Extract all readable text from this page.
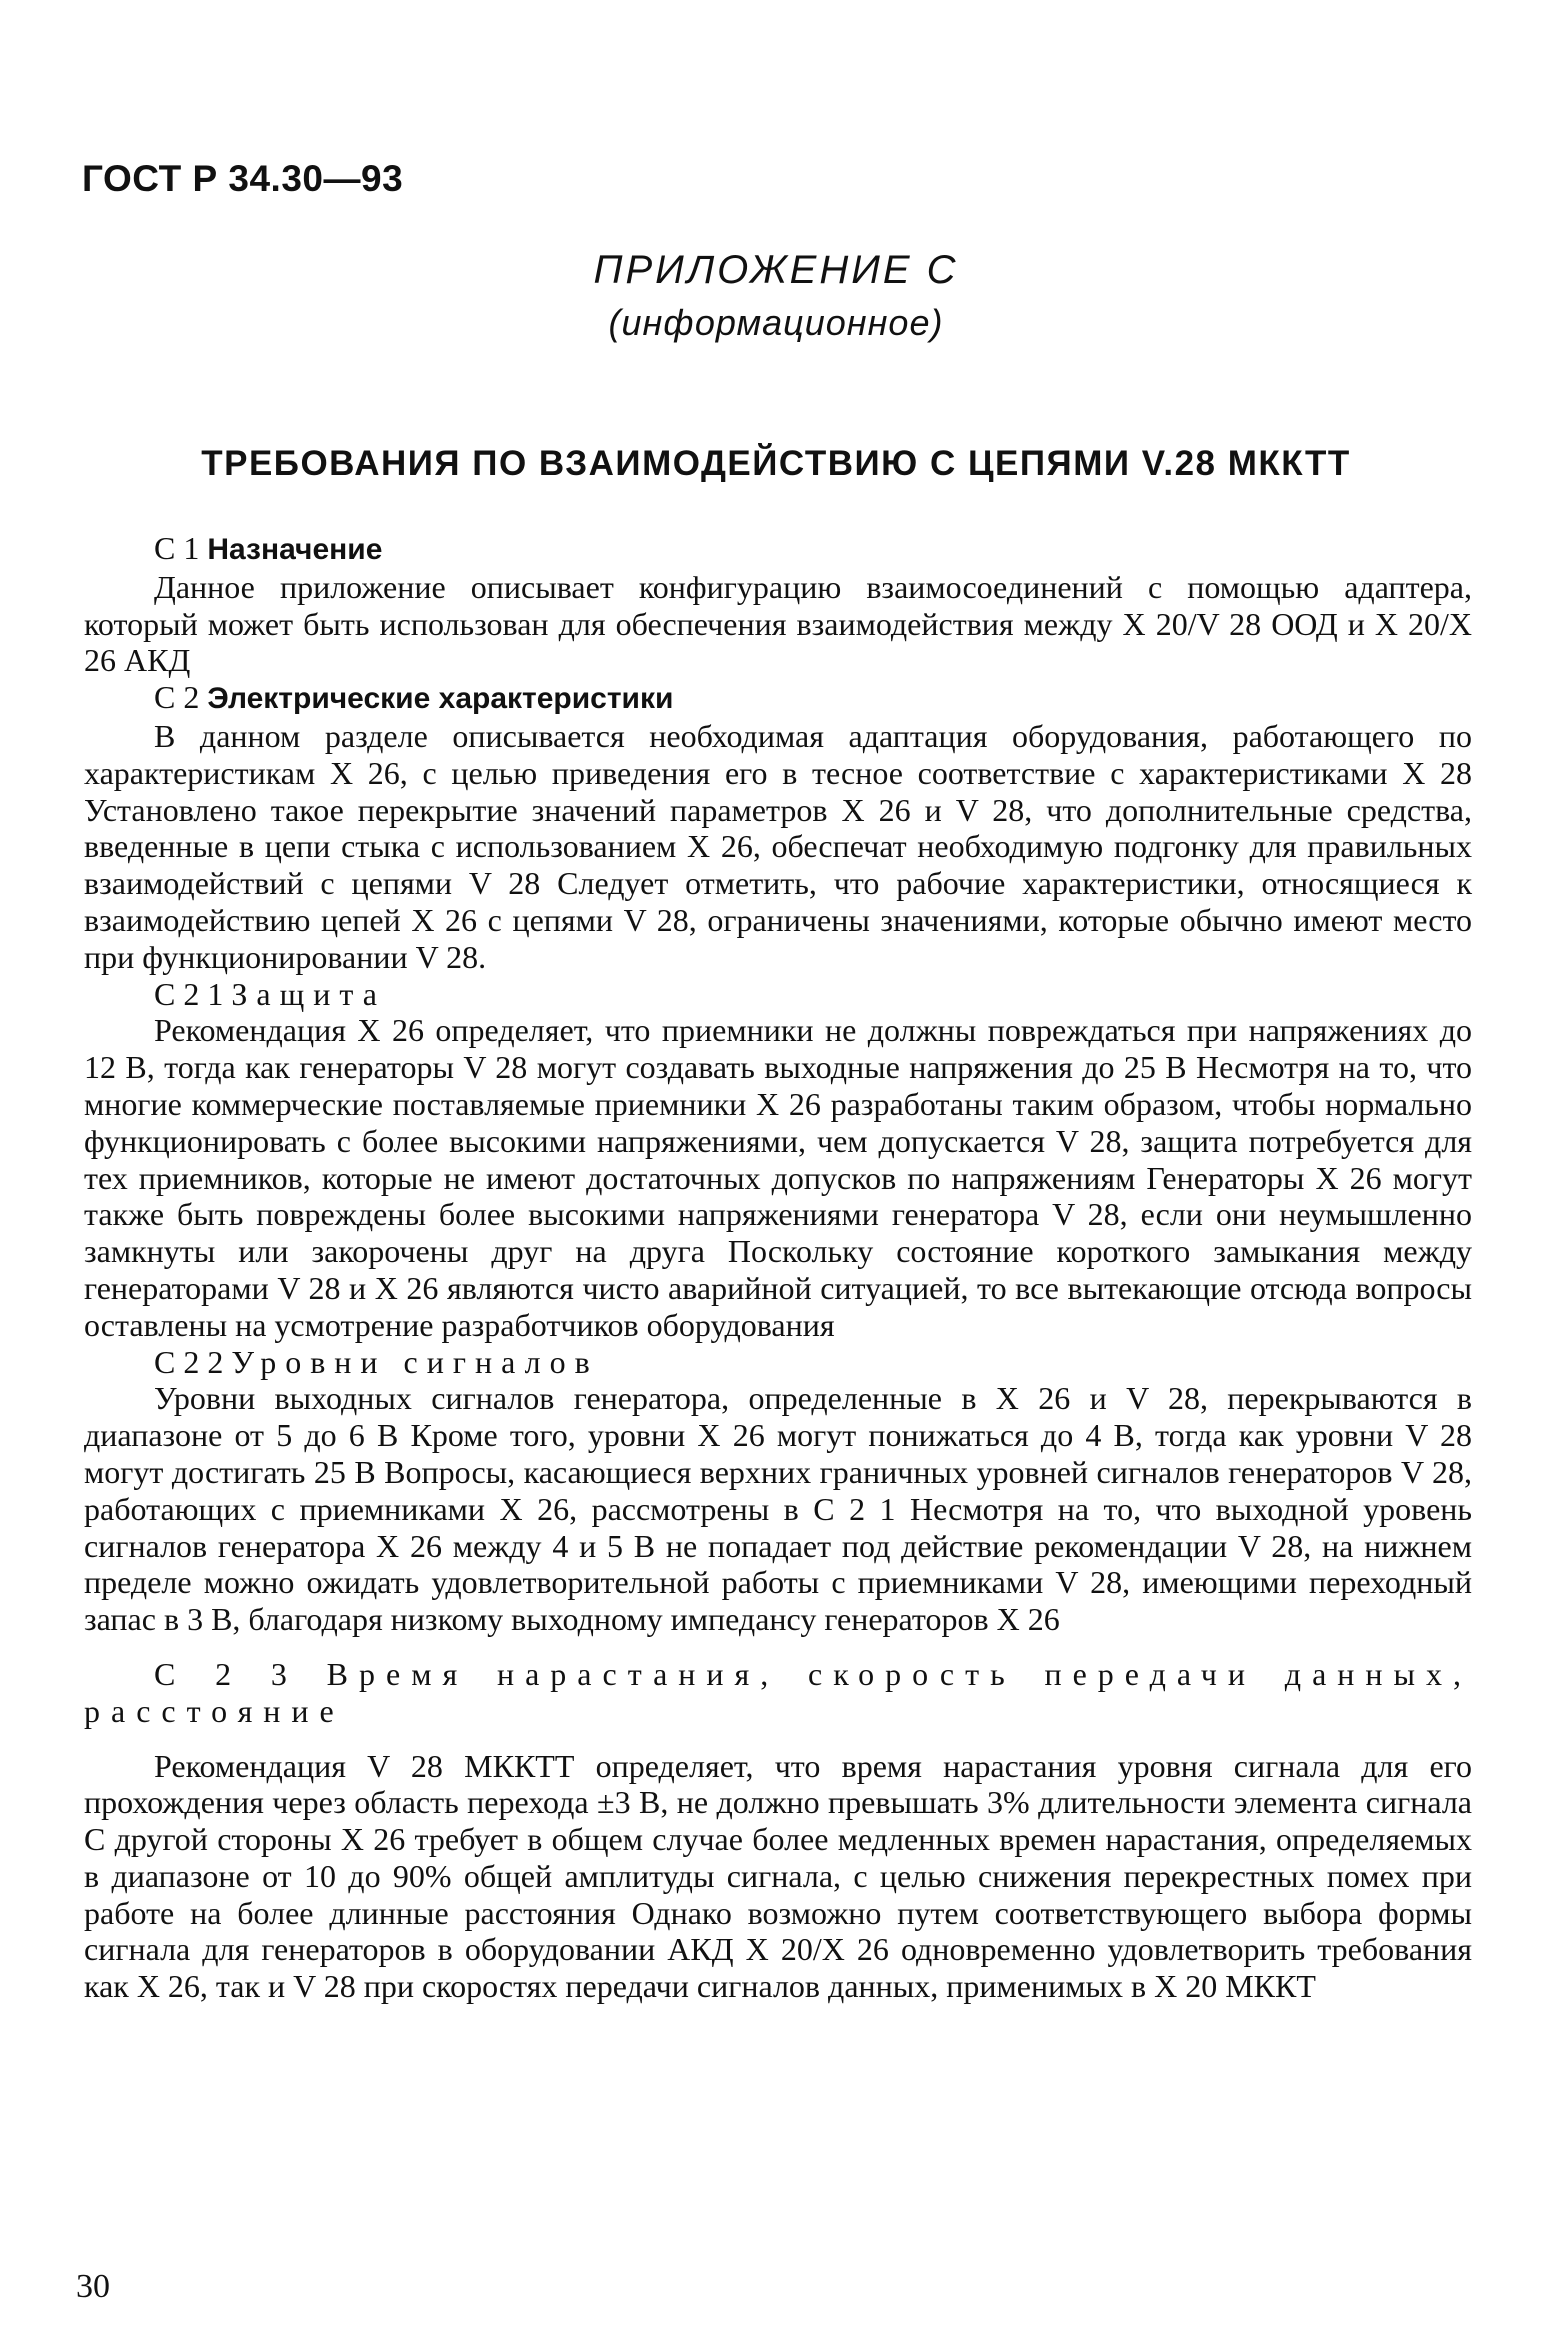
ГОСТ Р 34.30—93
ПРИЛОЖЕНИЕ С
(информационное)
ТРЕБОВАНИЯ ПО ВЗАИМОДЕЙСТВИЮ С ЦЕПЯМИ V.28 МККТТ
С 1 Назначение

Данное приложение описывает конфигурацию взаимосоединений с помощью адаптера, который может быть использован для обеспечения взаимодействия между Х 20/V 28 ООД и Х 20/Х 26 АКД

С 2 Электрические характеристики

В данном разделе описывается необходимая адаптация оборудования, работающего по характеристикам Х 26, с целью приведения его в тесное соответствие с характеристиками Х 28 Установлено такое перекрытие значений параметров Х 26 и V 28, что дополнительные средства, введенные в цепи стыка с использованием Х 26, обеспечат необходимую подгонку для правильных взаимодействий с цепями V 28 Следует отметить, что рабочие характеристики, относящиеся к взаимодействию цепей Х 26 с цепями V 28, ограничены значениями, которые обычно имеют место при функционировании V 28.

С 2 1 Защита

Рекомендация Х 26 определяет, что приемники не должны повреждаться при напряжениях до 12 В, тогда как генераторы V 28 могут создавать выходные напряжения до 25 В Несмотря на то, что многие коммерческие поставляемые приемники Х 26 разработаны таким образом, чтобы нормально функционировать с более высокими напряжениями, чем допускается V 28, защита потребуется для тех приемников, которые не имеют достаточных допусков по напряжениям Генераторы Х 26 могут также быть повреждены более высокими напряжениями генератора V 28, если они неумышленно замкнуты или закорочены друг на друга Поскольку состояние короткого замыкания между генераторами V 28 и Х 26 являются чисто аварийной ситуацией, то все вытекающие отсюда вопросы оставлены на усмотрение разработчиков оборудования

С 2 2 Уровни сигналов

Уровни выходных сигналов генератора, определенные в Х 26 и V 28, перекрываются в диапазоне от 5 до 6 В Кроме того, уровни Х 26 могут понижаться до 4 В, тогда как уровни V 28 могут достигать 25 В Вопросы, касающиеся верхних граничных уровней сигналов генераторов V 28, работающих с приемниками Х 26, рассмотрены в С 2 1 Несмотря на то, что выходной уровень сигналов генератора Х 26 между 4 и 5 В не попадает под действие рекомендации V 28, на нижнем пределе можно ожидать удовлетворительной работы с приемниками V 28, имеющими переходный запас в 3 В, благодаря низкому выходному импедансу генераторов Х 26

С 2 3 Время нарастания, скорость передачи данных, расстояние

Рекомендация V 28 МККТТ определяет, что время нарастания уровня сигнала для его прохождения через область перехода ±3 В, не должно превышать 3% длительности элемента сигнала С другой стороны Х 26 требует в общем случае более медленных времен нарастания, определяемых в диапазоне от 10 до 90% общей амплитуды сигнала, с целью снижения перекрестных помех при работе на более длинные расстояния Однако возможно путем соответствующего выбора формы сигнала для генераторов в оборудовании АКД Х 20/Х 26 одновременно удовлетворить требования как Х 26, так и V 28 при скоростях передачи сигналов данных, применимых в Х 20 МККТ

30
